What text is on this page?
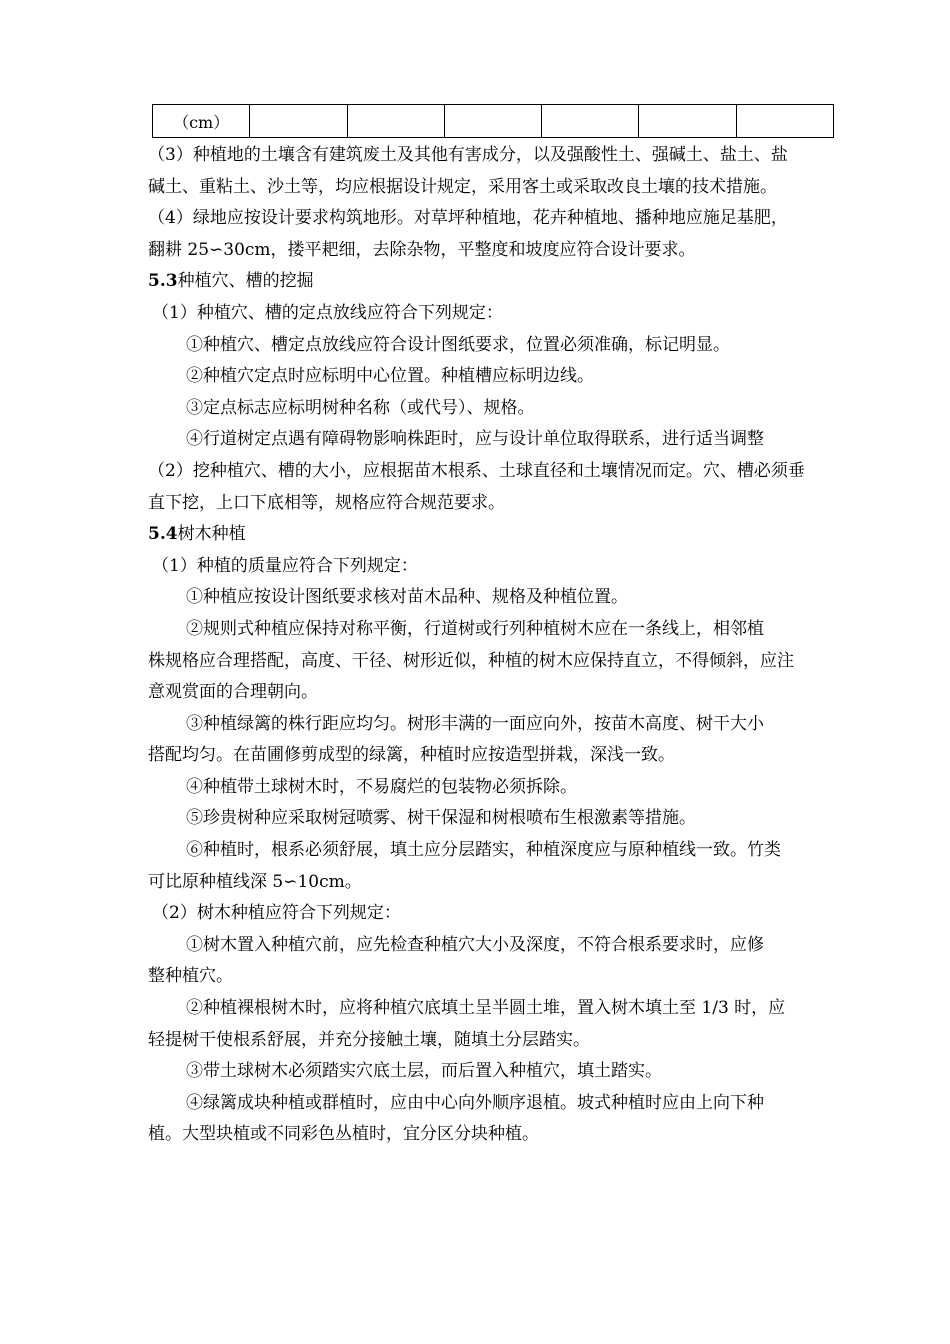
（cm）						
（3）种植地的土壤含有建筑废土及其他有害成分，以及强酸性土、强碱土、盐土、盐
碱土、重粘土、沙土等，均应根据设计规定，采用客土或采取改良土壤的技术措施。
（4）绿地应按设计要求构筑地形。对草坪种植地，花卉种植地、播种地应施足基肥，
翻耕 25∽30cm，搂平耙细，去除杂物，平整度和坡度应符合设计要求。
5.3种植穴、槽的挖掘
（1）种植穴、槽的定点放线应符合下列规定：
①种植穴、槽定点放线应符合设计图纸要求，位置必须准确，标记明显。
②种植穴定点时应标明中心位置。种植槽应标明边线。
③定点标志应标明树种名称（或代号）、规格。
④行道树定点遇有障碍物影响株距时，应与设计单位取得联系，进行适当调整
（2）挖种植穴、槽的大小，应根据苗木根系、土球直径和土壤情况而定。穴、槽必须垂
直下挖，上口下底相等，规格应符合规范要求。
5.4树木种植
（1）种植的质量应符合下列规定：
①种植应按设计图纸要求核对苗木品种、规格及种植位置。
②规则式种植应保持对称平衡，行道树或行列种植树木应在一条线上，相邻植
株规格应合理搭配，高度、干径、树形近似，种植的树木应保持直立，不得倾斜，应注
意观赏面的合理朝向。
③种植绿篱的株行距应均匀。树形丰满的一面应向外，按苗木高度、树干大小
搭配均匀。在苗圃修剪成型的绿篱，种植时应按造型拼栽，深浅一致。
④种植带土球树木时，不易腐烂的包装物必须拆除。
⑤珍贵树种应采取树冠喷雾、树干保湿和树根喷布生根激素等措施。
⑥种植时，根系必须舒展，填土应分层踏实，种植深度应与原种植线一致。竹类
可比原种植线深 5∽10cm。
（2）树木种植应符合下列规定：
①树木置入种植穴前，应先检查种植穴大小及深度，不符合根系要求时，应修
整种植穴。
②种植裸根树木时，应将种植穴底填土呈半圆土堆，置入树木填土至 1/3 时，应
轻提树干使根系舒展，并充分接触土壤，随填土分层踏实。
③带土球树木必须踏实穴底土层，而后置入种植穴，填土踏实。
④绿篱成块种植或群植时，应由中心向外顺序退植。坡式种植时应由上向下种
植。大型块植或不同彩色丛植时，宜分区分块种植。
